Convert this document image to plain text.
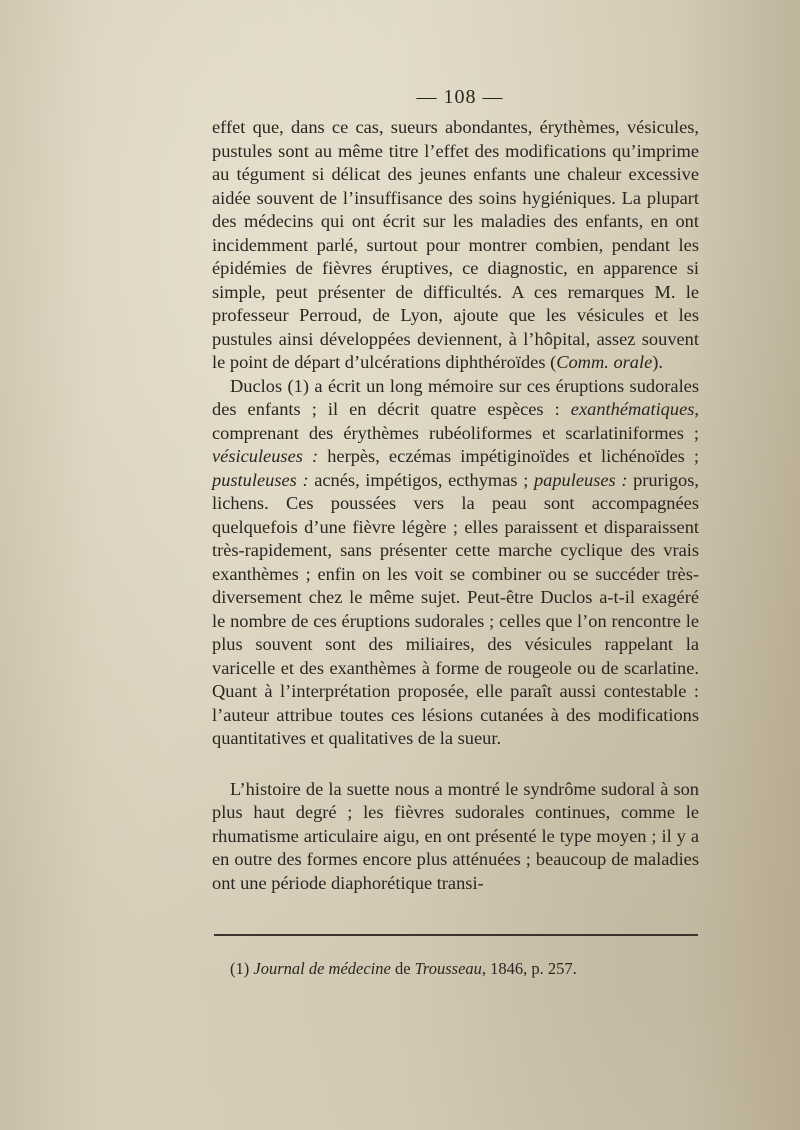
— 108 —

effet que, dans ce cas, sueurs abondantes, érythèmes, vésicules, pustules sont au même titre l’effet des modifications qu’imprime au tégument si délicat des jeunes enfants une chaleur excessive aidée souvent de l’insuffisance des soins hygiéniques. La plupart des médecins qui ont écrit sur les maladies des enfants, en ont incidemment parlé, surtout pour montrer combien, pendant les épidémies de fièvres éruptives, ce diagnostic, en apparence si simple, peut présenter de difficultés. A ces remarques M. le professeur Perroud, de Lyon, ajoute que les vésicules et les pustules ainsi développées deviennent, à l’hôpital, assez souvent le point de départ d’ulcérations diphthéroïdes (Comm. orale).

Duclos (1) a écrit un long mémoire sur ces éruptions sudorales des enfants ; il en décrit quatre espèces : exanthématiques, comprenant des érythèmes rubéoliformes et scarlatiniformes ; vésiculeuses : herpès, eczémas impétiginoïdes et lichénoïdes ; pustuleuses : acnés, impétigos, ecthymas ; papuleuses : prurigos, lichens. Ces poussées vers la peau sont accompagnées quelquefois d’une fièvre légère ; elles paraissent et disparaissent très-rapidement, sans présenter cette marche cyclique des vrais exanthèmes ; enfin on les voit se combiner ou se succéder très-diversement chez le même sujet. Peut-être Duclos a-t-il exagéré le nombre de ces éruptions sudorales ; celles que l’on rencontre le plus souvent sont des miliaires, des vésicules rappelant la varicelle et des exanthèmes à forme de rougeole ou de scarlatine. Quant à l’interprétation proposée, elle paraît aussi contestable : l’auteur attribue toutes ces lésions cutanées à des modifications quantitatives et qualitatives de la sueur.

L’histoire de la suette nous a montré le syndrôme sudoral à son plus haut degré ; les fièvres sudorales continues, comme le rhumatisme articulaire aigu, en ont présenté le type moyen ; il y a en outre des formes encore plus atténuées ; beaucoup de maladies ont une période diaphorétique transi-

(1) Journal de médecine de Trousseau, 1846, p. 257.
